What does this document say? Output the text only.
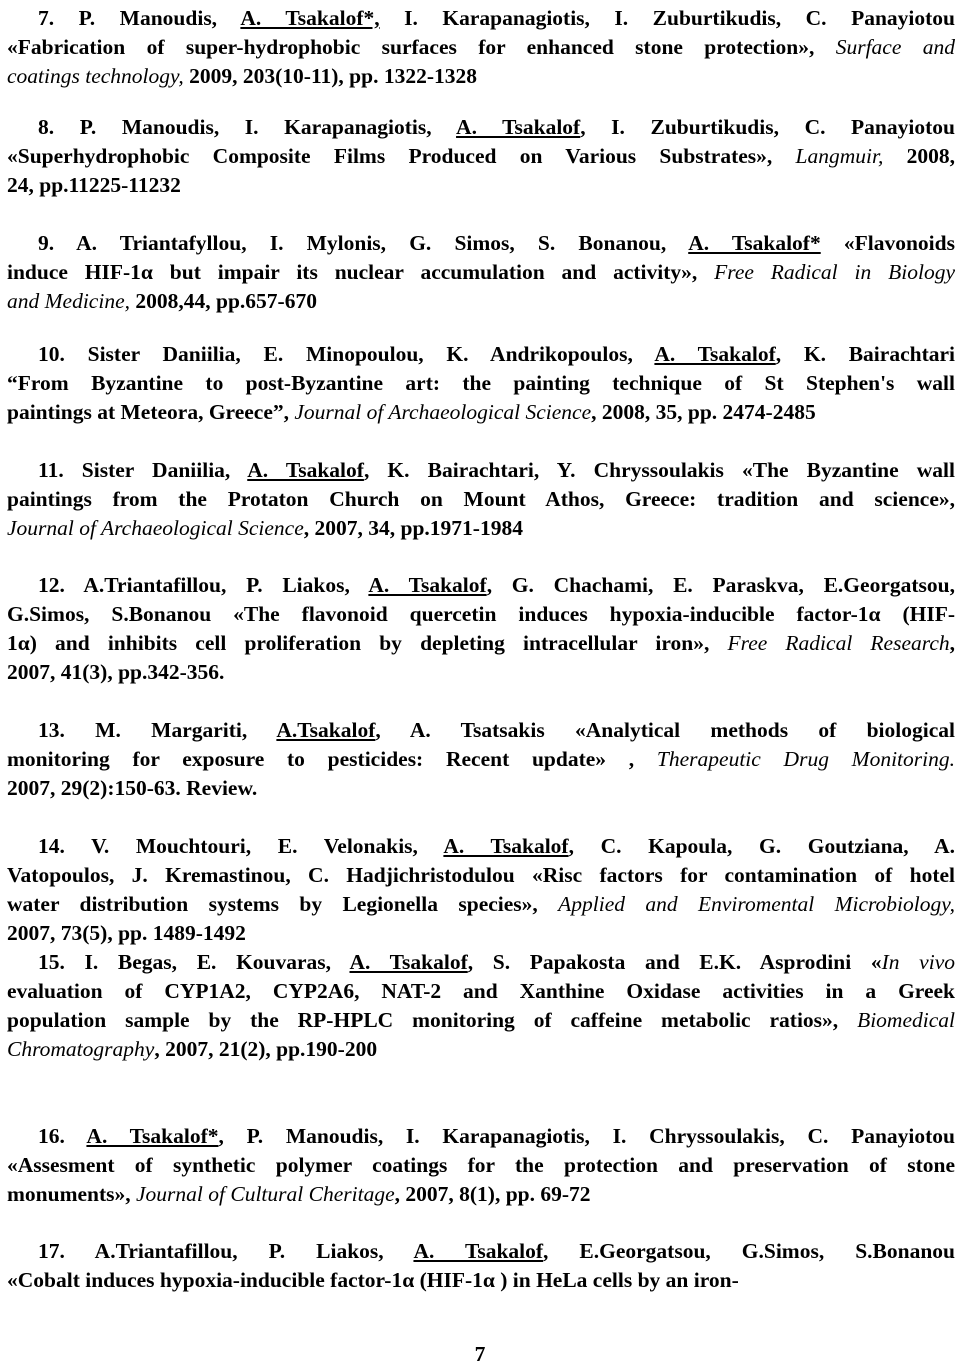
7. P. Manoudis, A. Tsakalof*, I. Karapanagiotis, I. Zuburtikudis, C. Panayiotou
«Fabrication of super-hydrophobic surfaces for enhanced stone protection», Surface and
coatings technology, 2009, 203(10-11), pp. 1322-1328

8. P. Manoudis, I. Karapanagiotis, A. Tsakalof, I. Zuburtikudis, C. Panayiotou
«Superhydrophobic Composite Films Produced on Various Substrates», Langmuir, 2008,
24, pp.11225-11232

9. A. Triantafyllou, I. Mylonis, G. Simos, S. Bonanou, A. Tsakalof* «Flavonoids
induce HIF-1α but impair its nuclear accumulation and activity», Free Radical in Biology
and Medicine, 2008,44, pp.657-670

10. Sister Daniilia, E. Minopoulou, K. Andrikopoulos, A. Tsakalof, K. Bairachtari
“From Byzantine to post-Byzantine art: the painting technique of St Stephen's wall
paintings at Meteora, Greece”, Journal of Archaeological Science, 2008, 35, pp. 2474-2485

11. Sister Daniilia, A. Tsakalof, K. Bairachtari, Y. Chryssoulakis «The Byzantine wall
paintings from the Protaton Church on Mount Athos, Greece: tradition and science»,
Journal of Archaeological Science, 2007, 34, pp.1971-1984

12. A.Triantafillou, P. Liakos, A. Tsakalof, G. Chachami, E. Paraskva, E.Georgatsou,
G.Simos, S.Bonanou «The flavonoid quercetin induces hypoxia-inducible factor-1α (HIF-
1α) and inhibits cell proliferation by depleting intracellular iron», Free Radical Research,
2007, 41(3), pp.342-356.

13. M. Margariti, A.Tsakalof, A. Tsatsakis «Analytical methods of biological
monitoring for exposure to pesticides: Recent update» , Therapeutic Drug Monitoring.
2007, 29(2):150-63. Review.

14. V. Mouchtouri, E. Velonakis, A. Tsakalof, C. Kapoula, G. Goutziana, A.
Vatopoulos, J. Kremastinou, C. Hadjichristodulou «Risc factors for contamination of hotel
water distribution systems by Legionella species», Applied and Enviromental Microbiology,
2007, 73(5), pp. 1489-1492

15. I. Begas, E. Kouvaras, A. Tsakalof, S. Papakosta and E.K. Asprodini «In vivo
evaluation of CYP1A2, CYP2A6, NAT-2 and Xanthine Oxidase activities in a Greek
population sample by the RP-HPLC monitoring of caffeine metabolic ratios», Biomedical
Chromatography, 2007, 21(2), pp.190-200

16. A. Tsakalof*, P. Manoudis, I. Karapanagiotis, I. Chryssoulakis, C. Panayiotou
«Assesment of synthetic polymer coatings for the protection and preservation of stone
monuments», Journal of Cultural Cheritage, 2007, 8(1), pp. 69-72

17. A.Triantafillou, P. Liakos, A. Tsakalof, E.Georgatsou, G.Simos, S.Bonanou
«Cobalt induces hypoxia-inducible factor-1α (HIF-1α ) in HeLa cells by an iron-

7
